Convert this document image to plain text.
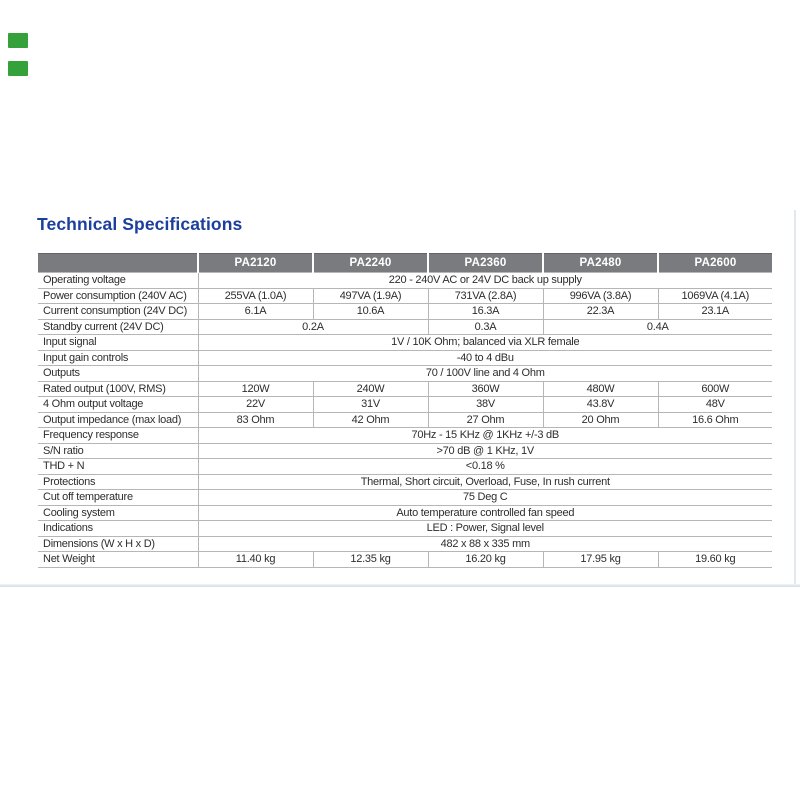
Technical Specifications
	PA2120	PA2240	PA2360	PA2480	PA2600
Operating voltage	220 - 240V AC or 24V DC back up supply				
Power consumption (240V AC)	255VA (1.0A)	497VA (1.9A)	731VA (2.8A)	996VA (3.8A)	1069VA (4.1A)
Current consumption (24V DC)	6.1A	10.6A	16.3A	22.3A	23.1A
Standby current (24V DC)	0.2A		0.3A	0.4A	
Input signal	1V / 10K Ohm; balanced via XLR female				
Input gain controls	-40 to 4 dBu				
Outputs	70 / 100V line and 4 Ohm				
Rated output (100V, RMS)	120W	240W	360W	480W	600W
4 Ohm output voltage	22V	31V	38V	43.8V	48V
Output impedance (max load)	83 Ohm	42 Ohm	27 Ohm	20 Ohm	16.6 Ohm
Frequency response	70Hz - 15 KHz @ 1KHz +/-3 dB				
S/N ratio	>70 dB @ 1 KHz, 1V				
THD + N	<0.18 %				
Protections	Thermal, Short circuit, Overload, Fuse, In rush current				
Cut off temperature	75 Deg C				
Cooling system	Auto temperature controlled fan speed				
Indications	LED : Power, Signal level				
Dimensions (W x H x D)	482 x 88 x 335 mm				
Net Weight	11.40 kg	12.35 kg	16.20 kg	17.95 kg	19.60 kg
